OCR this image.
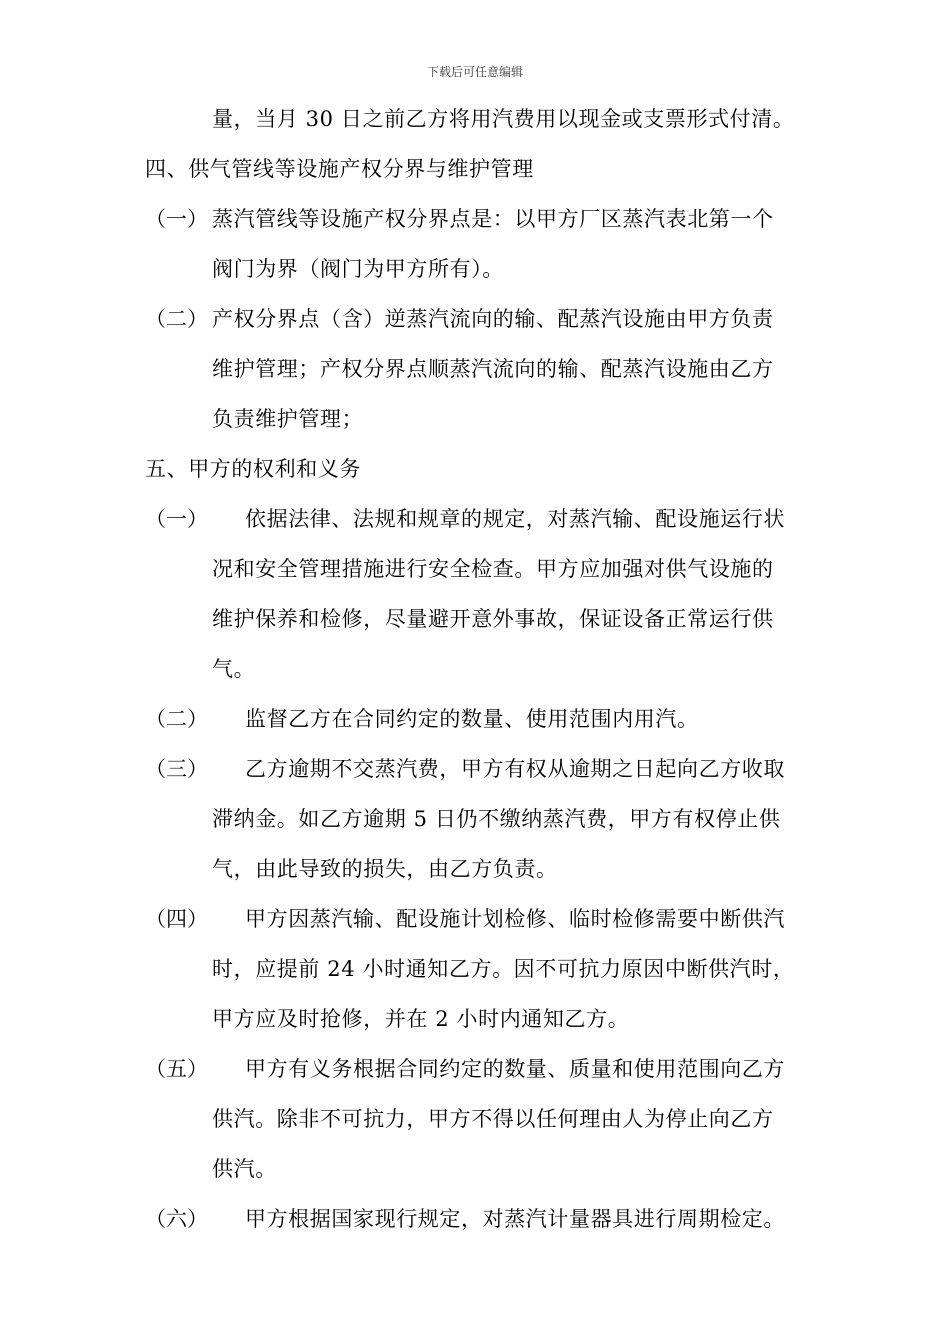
下载后可任意编辑
量，当月 30 日之前乙方将用汽费用以现金或支票形式付清。
四、供气管线等设施产权分界与维护管理
（一） 蒸汽管线等设施产权分界点是：以甲方厂区蒸汽表北第一个
阀门为界（阀门为甲方所有）。
（二） 产权分界点（含）逆蒸汽流向的输、配蒸汽设施由甲方负责
维护管理；产权分界点顺蒸汽流向的输、配蒸汽设施由乙方
负责维护管理；
五、甲方的权利和义务
（一） 依据法律、法规和规章的规定，对蒸汽输、配设施运行状
况和安全管理措施进行安全检查。甲方应加强对供气设施的
维护保养和检修，尽量避开意外事故，保证设备正常运行供
气。
（二） 监督乙方在合同约定的数量、使用范围内用汽。
（三） 乙方逾期不交蒸汽费，甲方有权从逾期之日起向乙方收取
滞纳金。如乙方逾期 5 日仍不缴纳蒸汽费，甲方有权停止供
气，由此导致的损失，由乙方负责。
（四） 甲方因蒸汽输、配设施计划检修、临时检修需要中断供汽
时，应提前 24 小时通知乙方。因不可抗力原因中断供汽时，
甲方应及时抢修，并在 2 小时内通知乙方。
（五） 甲方有义务根据合同约定的数量、质量和使用范围向乙方
供汽。除非不可抗力，甲方不得以任何理由人为停止向乙方
供汽。
（六） 甲方根据国家现行规定，对蒸汽计量器具进行周期检定。
